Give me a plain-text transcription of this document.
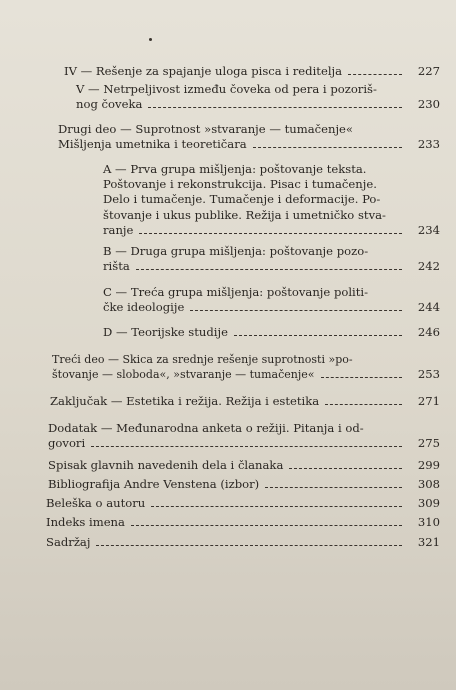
IV — Rešenje za spajanje uloga pisca i reditelja	227
V — Netrpeljivost između čoveka od pera i pozoriš-
nog čoveka	230
Drugi deo — Suprotnost »stvaranje — tumačenje«
Mišljenja umetnika i teoretičara	233
A — Prva grupa mišljenja: poštovanje teksta.
Poštovanje i rekonstrukcija. Pisac i tumačenje.
Delo i tumačenje. Tumačenje i deformacije. Po-
štovanje i ukus publike. Režija i umetničko stva-
ranje	234
B — Druga grupa mišljenja: poštovanje pozo-
rišta	242
C — Treća grupa mišljenja: poštovanje politi-
čke ideologije	244
D — Teorijske studije	246
Treći deo — Skica za srednje rešenje suprotnosti »po-
štovanje — sloboda«, »stvaranje — tumačenje«	253
Zaključak — Estetika i režija. Režija i estetika	271
Dodatak — Međunarodna anketa o režiji. Pitanja i od-
govori	275
Spisak glavnih navedenih dela i članaka	299
Bibliografija Andre Venstena (izbor)	308
Beleška o autoru	309
Indeks imena	310
Sadržaj	321
